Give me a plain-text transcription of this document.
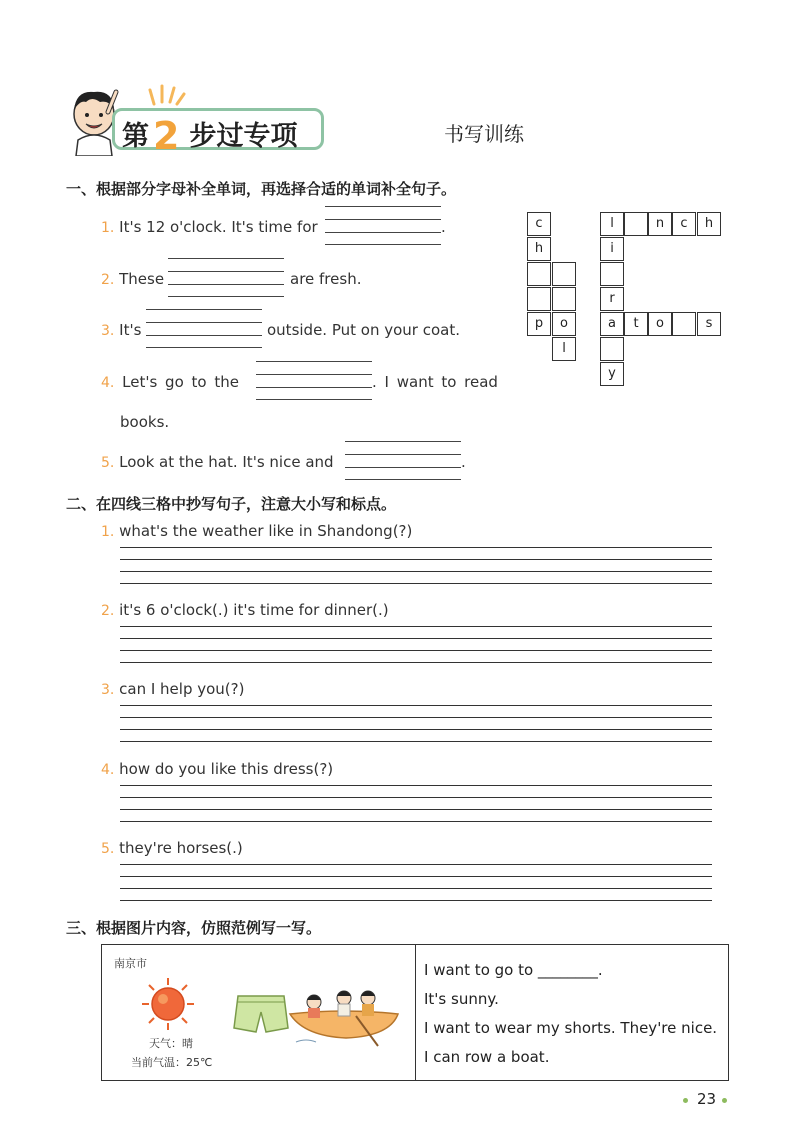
第 2 步过专项	书写训练
一、根据部分字母补全单词，再选择合适的单词补全句子。
1. It's 12 o'clock. It's time for	.
2. These	are fresh.
3. It's	outside. Put on your coat.
4. Let's go to the	. I want to read
books.
5. Look at the hat. It's nice and	.
c
h
p	o
l
l
i
r
a
y
n	c	h
t	o	s
二、在四线三格中抄写句子，注意大小写和标点。
1. what's the weather like in Shandong(?)
2. it's 6 o'clock(.) it's time for dinner(.)
3. can I help you(?)
4. how do you like this dress(?)
5. they're horses(.)
三、根据图片内容，仿照范例写一写。
南京市
天气：晴
当前气温：25℃
I want to go to ________.
It's sunny.
I want to wear my shorts. They're nice.
I can row a boat.
23
